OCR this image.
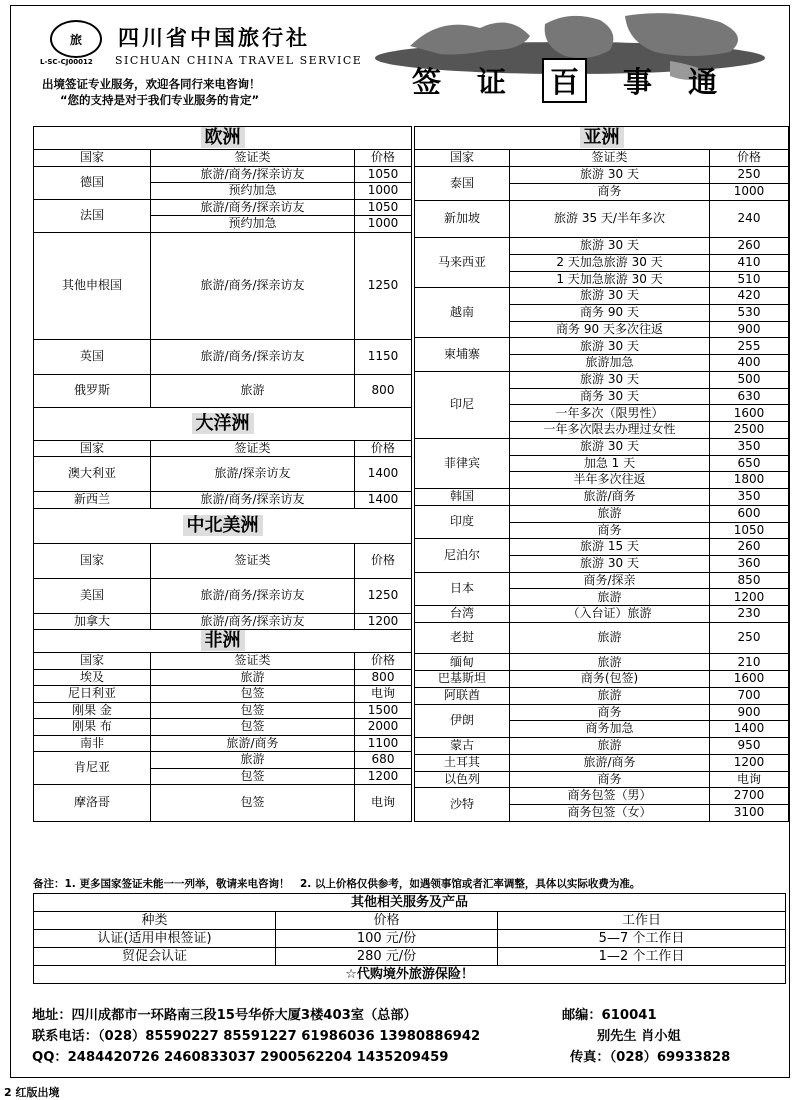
旅	四川省中国旅行社
L-SC-CJ00012 SICHUAN CHINA TRAVEL SERVICE
出境签证专业服务，欢迎各同行来电咨询！
“您的支持是对于我们专业服务的肯定”
签 证 百 事 通
欧洲		
国家	签证类	价格
德国	旅游/商务/探亲访友	1050
	预约加急	1000
法国	旅游/商务/探亲访友	1050
	预约加急	1000
其他申根国	旅游/商务/探亲访友	1250
英国	旅游/商务/探亲访友	1150
俄罗斯	旅游	800
大洋洲		
国家	签证类	价格
澳大利亚	旅游/探亲访友	1400
新西兰	旅游/商务/探亲访友	1400
中北美洲		
国家	签证类	价格
美国	旅游/商务/探亲访友	1250
加拿大	旅游/商务/探亲访友	1200
非洲		
国家	签证类	价格
埃及	旅游	800
尼日利亚	包签	电询
刚果 金	包签	1500
刚果 布	包签	2000
南非	旅游/商务	1100
肯尼亚	旅游	680
	包签	1200
摩洛哥	包签	电询
亚洲		
国家	签证类	价格
泰国	旅游 30 天	250
	商务	1000
新加坡	旅游 35 天/半年多次	240
马来西亚	旅游 30 天	260
	2 天加急旅游 30 天	410
	1 天加急旅游 30 天	510
越南	旅游 30 天	420
	商务 90 天	530
	商务 90 天多次往返	900
柬埔寨	旅游 30 天	255
	旅游加急	400
印尼	旅游 30 天	500
	商务 30 天	630
	一年多次（限男性）	1600
	一年多次限去办理过女性	2500
菲律宾	旅游 30 天	350
	加急 1 天	650
	半年多次往返	1800
韩国	旅游/商务	350
印度	旅游	600
	商务	1050
尼泊尔	旅游 15 天	260
	旅游 30 天	360
日本	商务/探亲	850
	旅游	1200
台湾	（入台证）旅游	230
老挝	旅游	250
缅甸	旅游	210
巴基斯坦	商务(包签)	1600
阿联酋	旅游	700
伊朗	商务	900
	商务加急	1400
蒙古	旅游	950
土耳其	旅游/商务	1200
以色列	商务	电询
沙特	商务包签（男）	2700
	商务包签（女）	3100
备注：1. 更多国家签证未能一一列举，敬请来电咨询！　2. 以上价格仅供参考，如遇领事馆或者汇率调整，具体以实际收费为准。
其他相关服务及产品		
种类	价格	工作日
认证(适用申根签证)	100 元/份	5—7 个工作日
贸促会认证	280 元/份	1—2 个工作日
☆代购境外旅游保险！		
地址：四川成都市一环路南三段15号华侨大厦3楼403室（总部）	邮编：610041
联系电话：（028）85590227 85591227 61986036 13980886942	别先生 肖小姐
QQ：2484420726 2460833037 2900562204 1435209459	传真：（028）69933828
2 红版出境
